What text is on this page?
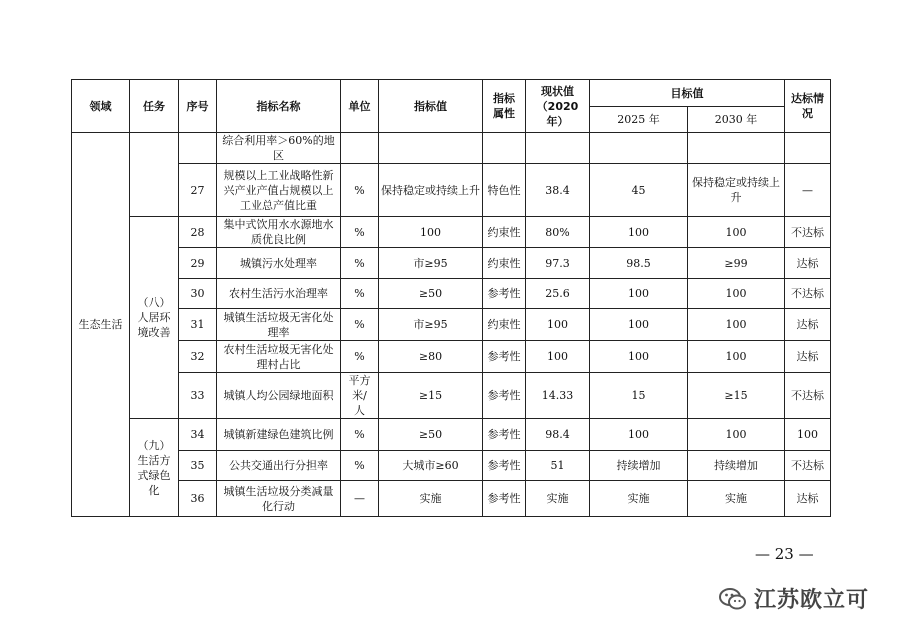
领域	任务	序号	指标名称	单位	指标值	指标属性	现状值（2020年）	目标值		达标情况
								2025 年	2030 年	
生态生活			综合利用率＞60%的地区							
		27	规模以上工业战略性新兴产业产值占规模以上工业总产值比重	%	保持稳定或持续上升	特色性	38.4	45	保持稳定或持续上升	—

	（八）人居环境改善	28	集中式饮用水水源地水质优良比例	%	100	约束性	80%	100	100	不达标
		29	城镇污水处理率	%	市≥95	约束性	97.3	98.5	≥99	达标
		30	农村生活污水治理率	%	≥50	参考性	25.6	100	100	不达标
		31	城镇生活垃圾无害化处理率	%	市≥95	约束性	100	100	100	达标
		32	农村生活垃圾无害化处理村占比	%	≥80	参考性	100	100	100	达标
		33	城镇人均公园绿地面积	平方米/人	≥15	参考性	14.33	15	≥15	不达标

	（九）生活方式绿色化	34	城镇新建绿色建筑比例	%	≥50	参考性	98.4	100	100	100
		35	公共交通出行分担率	%	大城市≥60	参考性	51	持续增加	持续增加	不达标
		36	城镇生活垃圾分类减量化行动	—	实施	参考性	实施	实施	实施	达标
— 23 —
江苏欧立可
